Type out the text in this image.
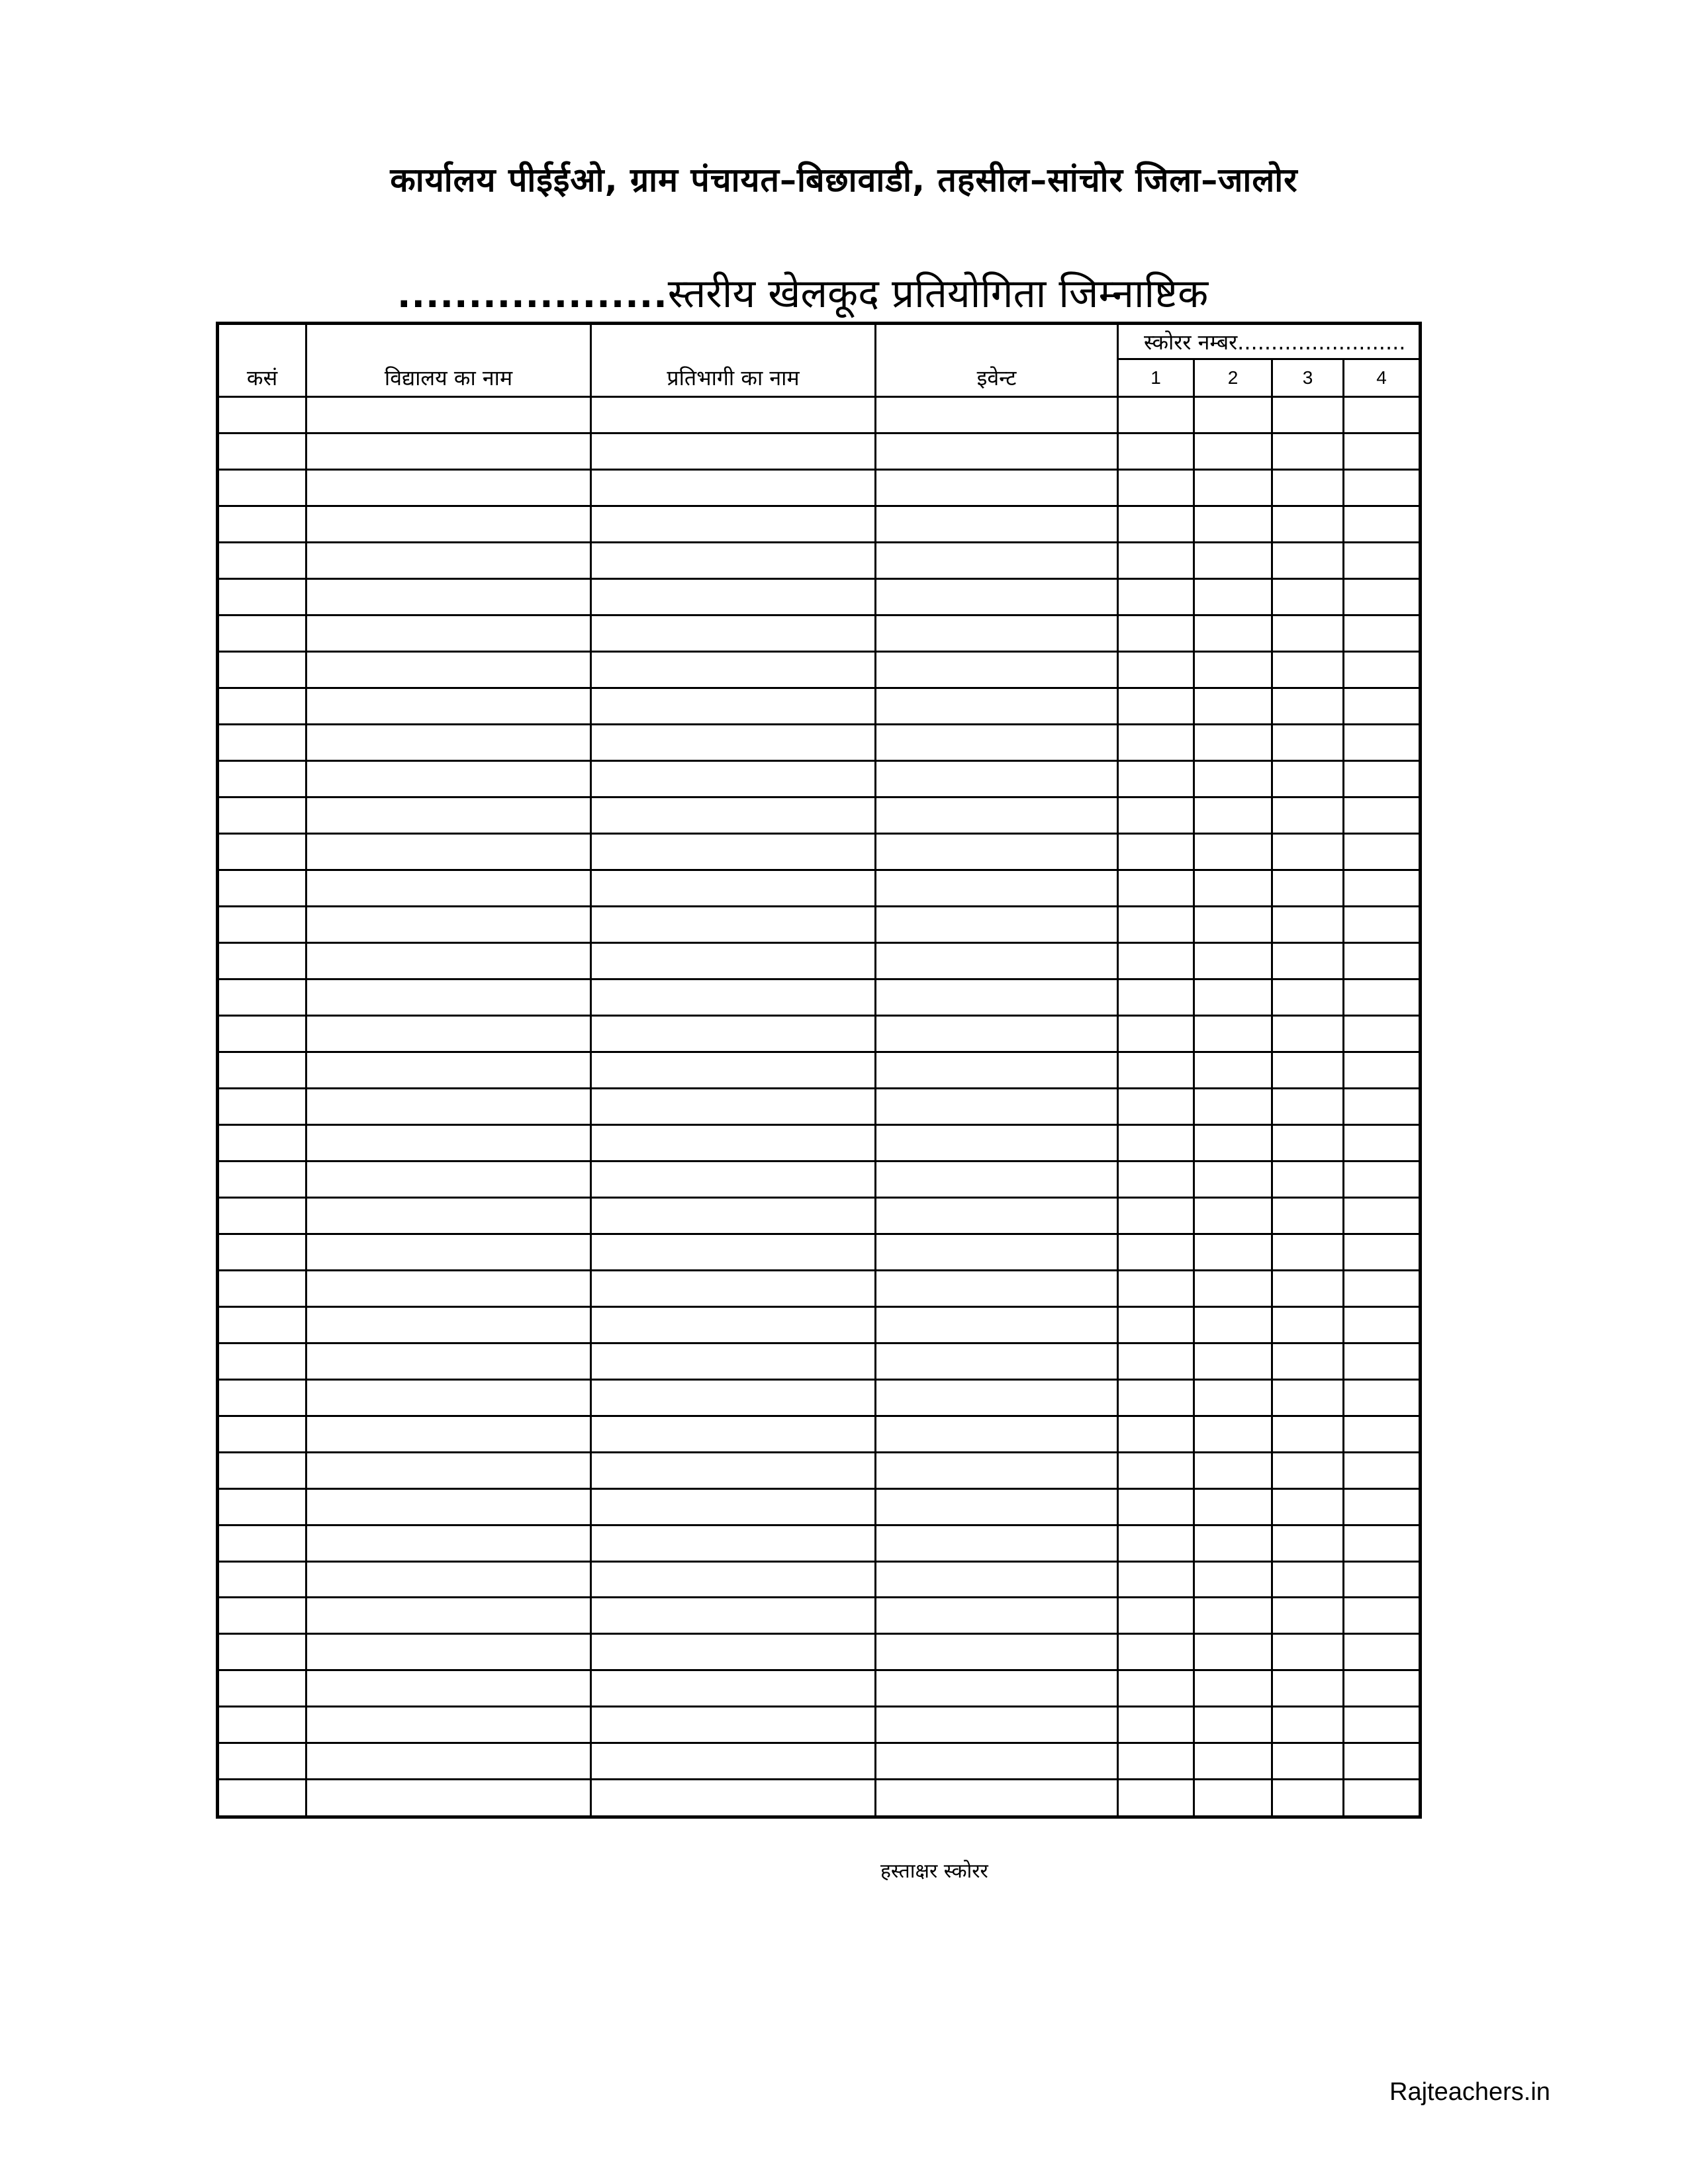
कार्यालय पीईईओ, ग्राम पंचायत–बिछावाडी, तहसील–सांचोर जिला–जालोर
...................स्तरीय खेलकूद प्रतियोगिता जिम्नाष्टिक
कसं	विद्यालय का नाम	प्रतिभागी का नाम	इवेन्ट	स्कोरर नम्बर.........................			
				1	2	3	4

हस्ताक्षर स्कोरर
Rajteachers.in
